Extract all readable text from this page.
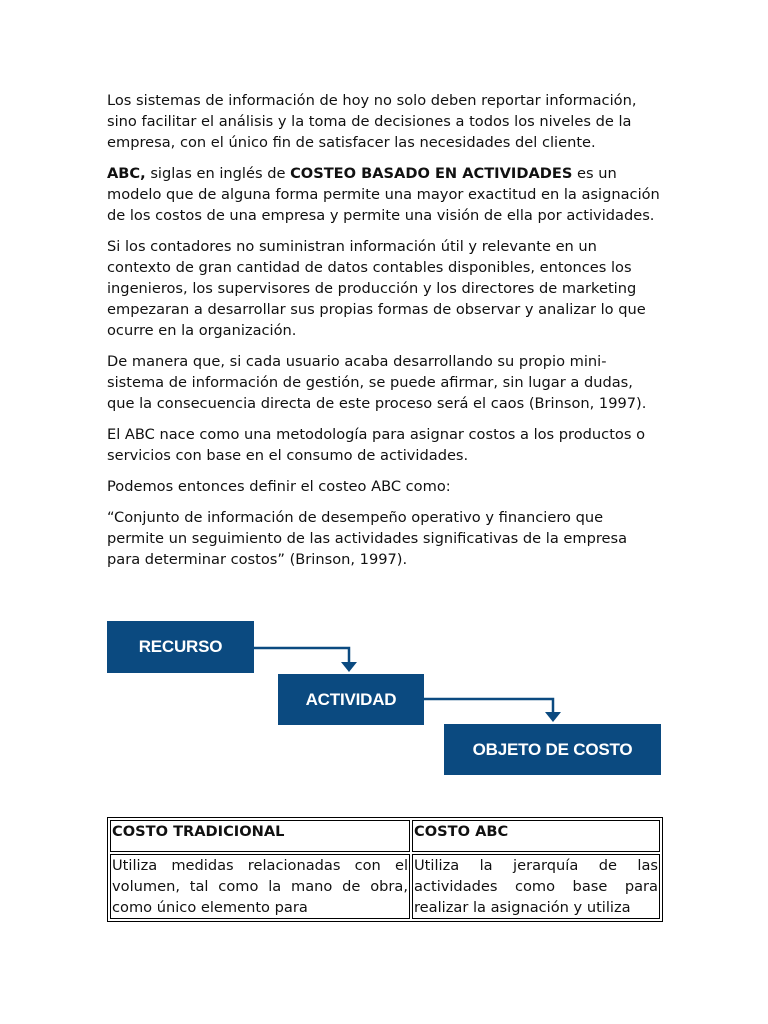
Los sistemas de información de hoy no solo deben reportar información, sino facilitar el análisis y la toma de decisiones a todos los niveles de la empresa, con el único fin de satisfacer las necesidades del cliente.

ABC, siglas en inglés de COSTEO BASADO EN ACTIVIDADES es un modelo que de alguna forma permite una mayor exactitud en la asignación de los costos de una empresa y permite una visión de ella por actividades.

Si los contadores no suministran información útil y relevante en un contexto de gran cantidad de datos contables disponibles, entonces los ingenieros, los supervisores de producción y los directores de marketing empezaran a desarrollar sus propias formas de observar y analizar lo que ocurre en la organización.

De manera que, si cada usuario acaba desarrollando su propio mini-sistema de información de gestión, se puede afirmar, sin lugar a dudas, que la consecuencia directa de este proceso será el caos (Brinson, 1997).

El ABC nace como una metodología para asignar costos a los productos o servicios con base en el consumo de actividades.

Podemos entonces definir el costeo ABC como:

“Conjunto de información de desempeño operativo y financiero que permite un seguimiento de las actividades significativas de la empresa para determinar costos” (Brinson, 1997).

RECURSO
ACTIVIDAD
OBJETO DE COSTO
COSTO TRADICIONAL	COSTO ABC
Utiliza medidas relacionadas con el volumen, tal como la mano de obra, como único elemento para	Utiliza la jerarquía de las actividades como base para realizar la asignación y utiliza
